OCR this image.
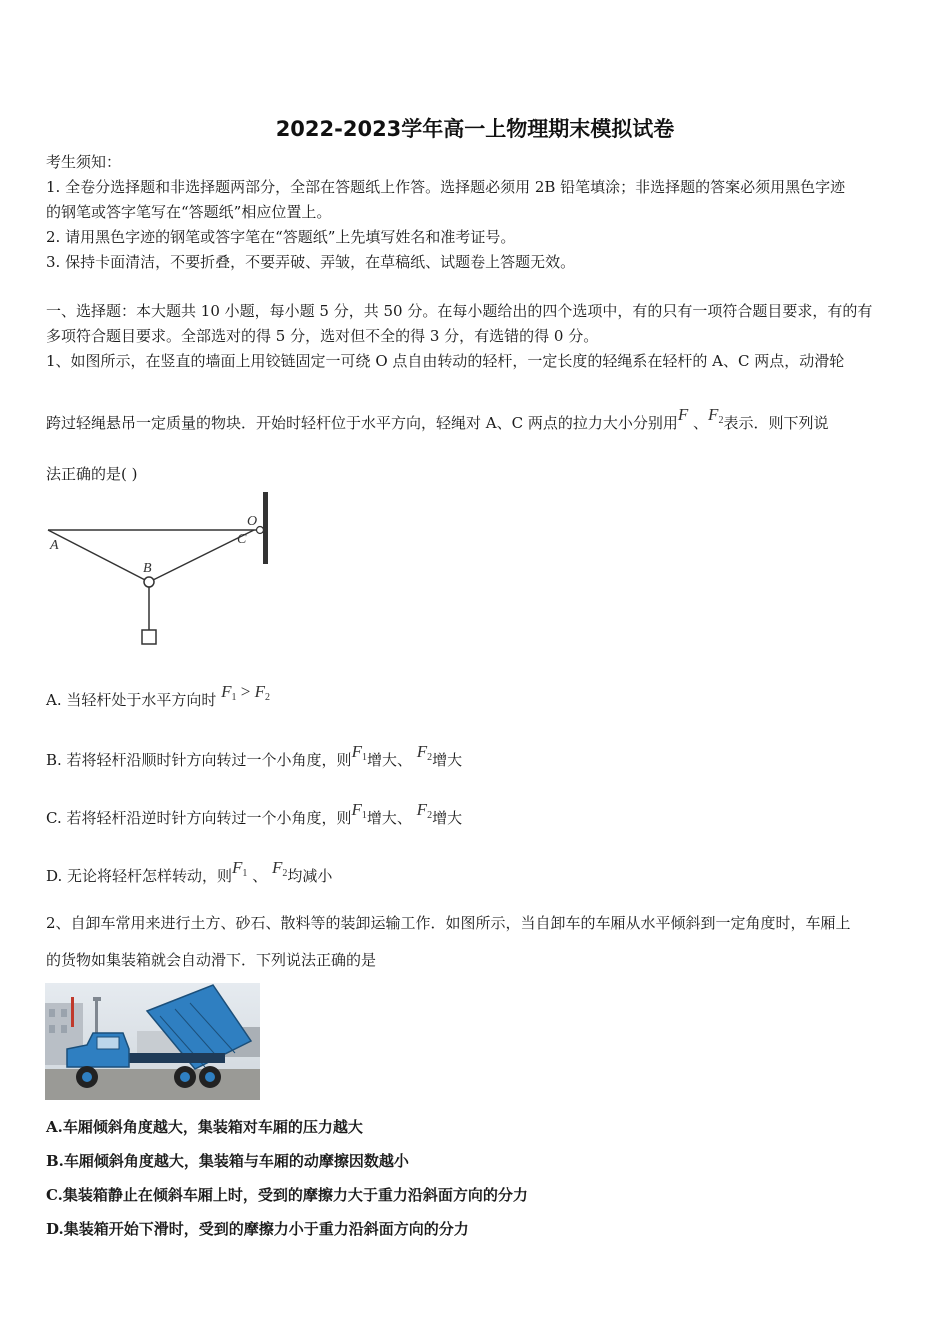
2022-2023学年高一上物理期末模拟试卷
考生须知：
1. 全卷分选择题和非选择题两部分，全部在答题纸上作答。选择题必须用 2B 铅笔填涂；非选择题的答案必须用黑色字迹
的钢笔或答字笔写在“答题纸”相应位置上。
2. 请用黑色字迹的钢笔或答字笔在“答题纸”上先填写姓名和准考证号。
3. 保持卡面清洁，不要折叠，不要弄破、弄皱，在草稿纸、试题卷上答题无效。
一、选择题：本大题共 10 小题，每小题 5 分，共 50 分。在每小题给出的四个选项中，有的只有一项符合题目要求，有的有
多项符合题目要求。全部选对的得 5 分，选对但不全的得 3 分，有选错的得 0 分。
1、如图所示，在竖直的墙面上用铰链固定一可绕 O 点自由转动的轻杆，一定长度的轻绳系在轻杆的 A、C 两点，动滑轮
跨过轻绳悬吊一定质量的物块．开始时轻杆位于水平方向，轻绳对 A、C 两点的拉力大小分别用F 、$F_2$表示．则下列说
法正确的是( )
A
B
C
O
A. 当轻杆处于水平方向时 $F_1 > F_2$
B. 若将轻杆沿顺时针方向转过一个小角度，则$F_1$增大、 $F_2$增大
C. 若将轻杆沿逆时针方向转过一个小角度，则$F_1$增大、 $F_2$增大
D. 无论将轻杆怎样转动，则$F_1$ 、 $F_2$均减小
2、自卸车常用来进行土方、砂石、散料等的装卸运输工作．如图所示，当自卸车的车厢从水平倾斜到一定角度时，车厢上
的货物如集装箱就会自动滑下．下列说法正确的是
A.车厢倾斜角度越大，集装箱对车厢的压力越大
B.车厢倾斜角度越大，集装箱与车厢的动摩擦因数越小
C.集装箱静止在倾斜车厢上时，受到的摩擦力大于重力沿斜面方向的分力
D.集装箱开始下滑时，受到的摩擦力小于重力沿斜面方向的分力
